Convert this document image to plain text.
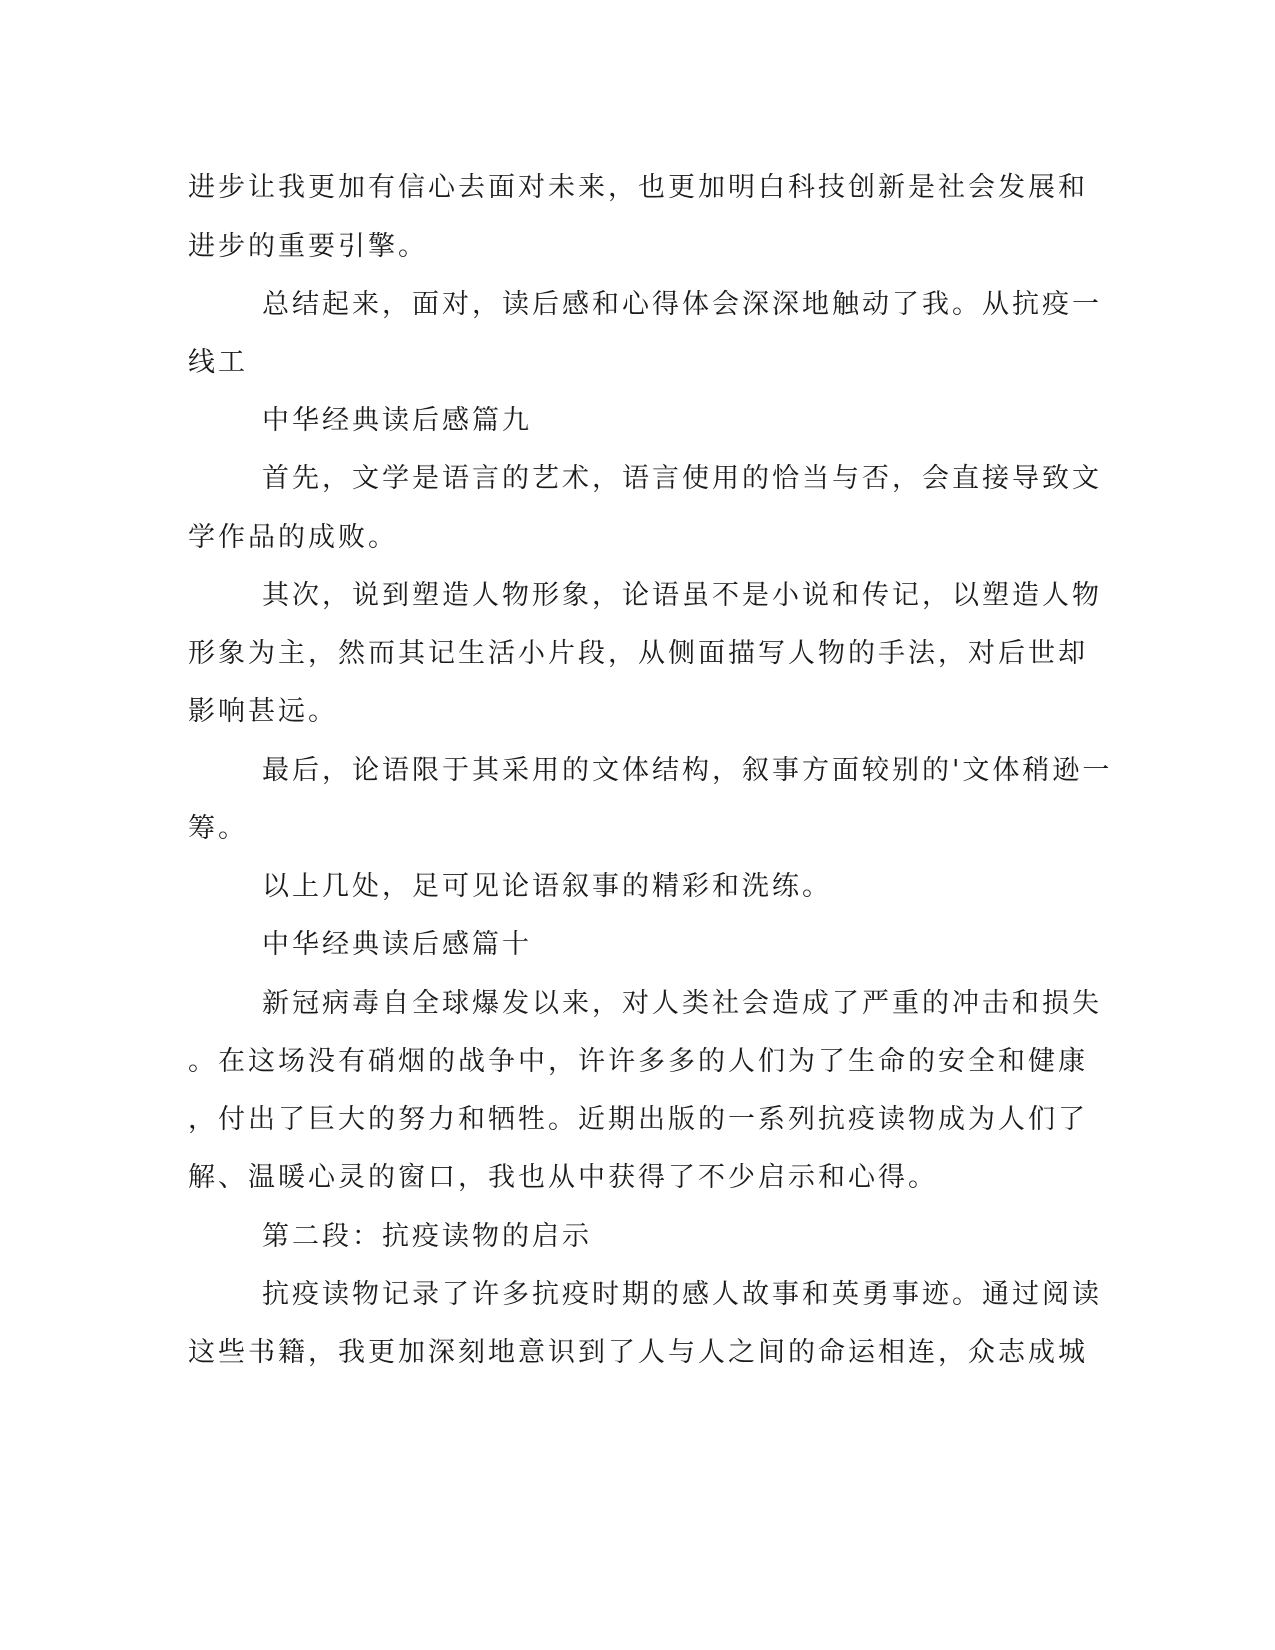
进步让我更加有信心去面对未来，也更加明白科技创新是社会发展和

进步的重要引擎。

总结起来，面对，读后感和心得体会深深地触动了我。从抗疫一

线工

中华经典读后感篇九

首先，文学是语言的艺术，语言使用的恰当与否，会直接导致文

学作品的成败。

其次，说到塑造人物形象，论语虽不是小说和传记，以塑造人物

形象为主，然而其记生活小片段，从侧面描写人物的手法，对后世却

影响甚远。

最后，论语限于其采用的文体结构，叙事方面较别的'文体稍逊一

筹。

以上几处，足可见论语叙事的精彩和洗练。

中华经典读后感篇十

新冠病毒自全球爆发以来，对人类社会造成了严重的冲击和损失

。在这场没有硝烟的战争中，许许多多的人们为了生命的安全和健康

，付出了巨大的努力和牺牲。近期出版的一系列抗疫读物成为人们了

解、温暖心灵的窗口，我也从中获得了不少启示和心得。

第二段：抗疫读物的启示

抗疫读物记录了许多抗疫时期的感人故事和英勇事迹。通过阅读

这些书籍，我更加深刻地意识到了人与人之间的命运相连，众志成城
